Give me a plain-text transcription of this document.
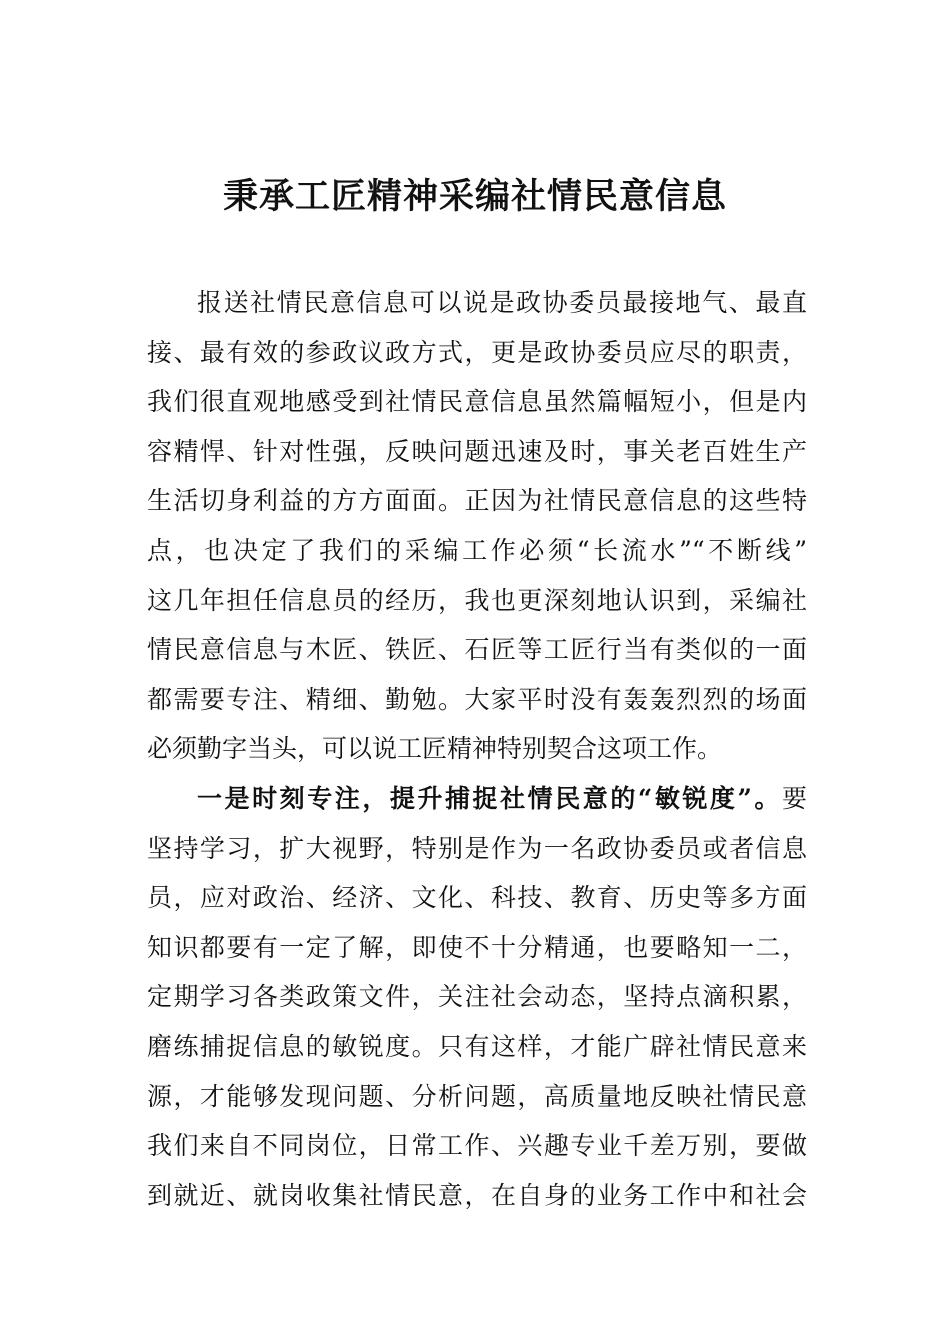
秉承工匠精神采编社情民意信息
报送社情民意信息可以说是政协委员最接地气、最直
接、最有效的参政议政方式，更是政协委员应尽的职责，
我们很直观地感受到社情民意信息虽然篇幅短小，但是内
容精悍、针对性强，反映问题迅速及时，事关老百姓生产
生活切身利益的方方面面。正因为社情民意信息的这些特
点，也决定了我们的采编工作必须“长流水”“不断线”
这几年担任信息员的经历，我也更深刻地认识到，采编社
情民意信息与木匠、铁匠、石匠等工匠行当有类似的一面
都需要专注、精细、勤勉。大家平时没有轰轰烈烈的场面
必须勤字当头，可以说工匠精神特别契合这项工作。
一是时刻专注，提升捕捉社情民意的“敏锐度”。要
坚持学习，扩大视野，特别是作为一名政协委员或者信息
员，应对政治、经济、文化、科技、教育、历史等多方面
知识都要有一定了解，即使不十分精通，也要略知一二，
定期学习各类政策文件，关注社会动态，坚持点滴积累，
磨练捕捉信息的敏锐度。只有这样，才能广辟社情民意来
源，才能够发现问题、分析问题，高质量地反映社情民意
我们来自不同岗位，日常工作、兴趣专业千差万别，要做
到就近、就岗收集社情民意，在自身的业务工作中和社会
